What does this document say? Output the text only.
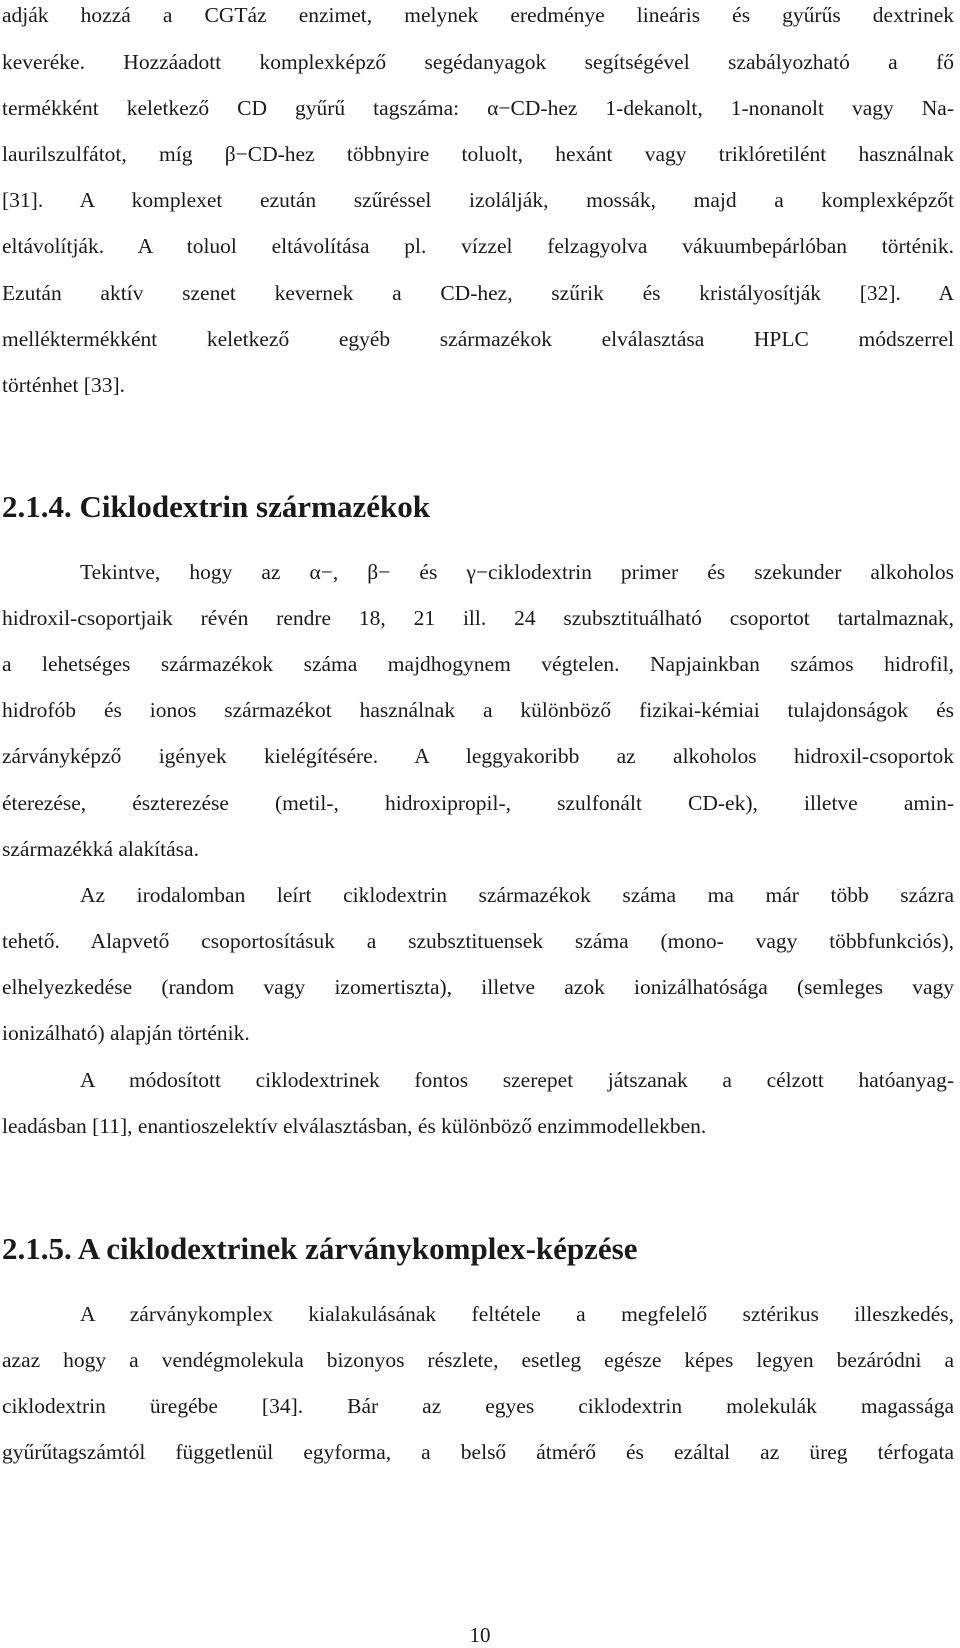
adják hozzá a CGTáz enzimet, melynek eredménye lineáris és gyűrűs dextrinek
keveréke. Hozzáadott komplexképző segédanyagok segítségével szabályozható a fő
termékként keletkező CD gyűrű tagszáma: α−CD-hez 1-dekanolt, 1-nonanolt vagy Na-
laurilszulfátot, míg β−CD-hez többnyire toluolt, hexánt vagy triklóretilént használnak
[31]. A komplexet ezután szűréssel izolálják, mossák, majd a komplexképzőt
eltávolítják. A toluol eltávolítása pl. vízzel felzagyolva vákuumbepárlóban történik.
Ezután aktív szenet kevernek a CD-hez, szűrik és kristályosítják [32]. A
melléktermékként keletkező egyéb származékok elválasztása HPLC módszerrel
történhet [33].
2.1.4. Ciklodextrin származékok
Tekintve, hogy az α−, β− és γ−ciklodextrin primer és szekunder alkoholos
hidroxil-csoportjaik révén rendre 18, 21 ill. 24 szubsztituálható csoportot tartalmaznak,
a lehetséges származékok száma majdhogynem végtelen. Napjainkban számos hidrofil,
hidrofób és ionos származékot használnak a különböző fizikai-kémiai tulajdonságok és
zárványképző igények kielégítésére. A leggyakoribb az alkoholos hidroxil-csoportok
éterezése, észterezése (metil-, hidroxipropil-, szulfonált CD-ek), illetve amin-
származékká alakítása.
Az irodalomban leírt ciklodextrin származékok száma ma már több százra
tehető. Alapvető csoportosításuk a szubsztituensek száma (mono- vagy többfunkciós),
elhelyezkedése (random vagy izomertiszta), illetve azok ionizálhatósága (semleges vagy
ionizálható) alapján történik.
A módosított ciklodextrinek fontos szerepet játszanak a célzott hatóanyag-
leadásban [11], enantioszelektív elválasztásban, és különböző enzimmodellekben.
2.1.5. A ciklodextrinek zárványkomplex-képzése
A zárványkomplex kialakulásának feltétele a megfelelő sztérikus illeszkedés,
azaz hogy a vendégmolekula bizonyos részlete, esetleg egésze képes legyen bezáródni a
ciklodextrin üregébe [34]. Bár az egyes ciklodextrin molekulák magassága
gyűrűtagszámtól függetlenül egyforma, a belső átmérő és ezáltal az üreg térfogata
10
